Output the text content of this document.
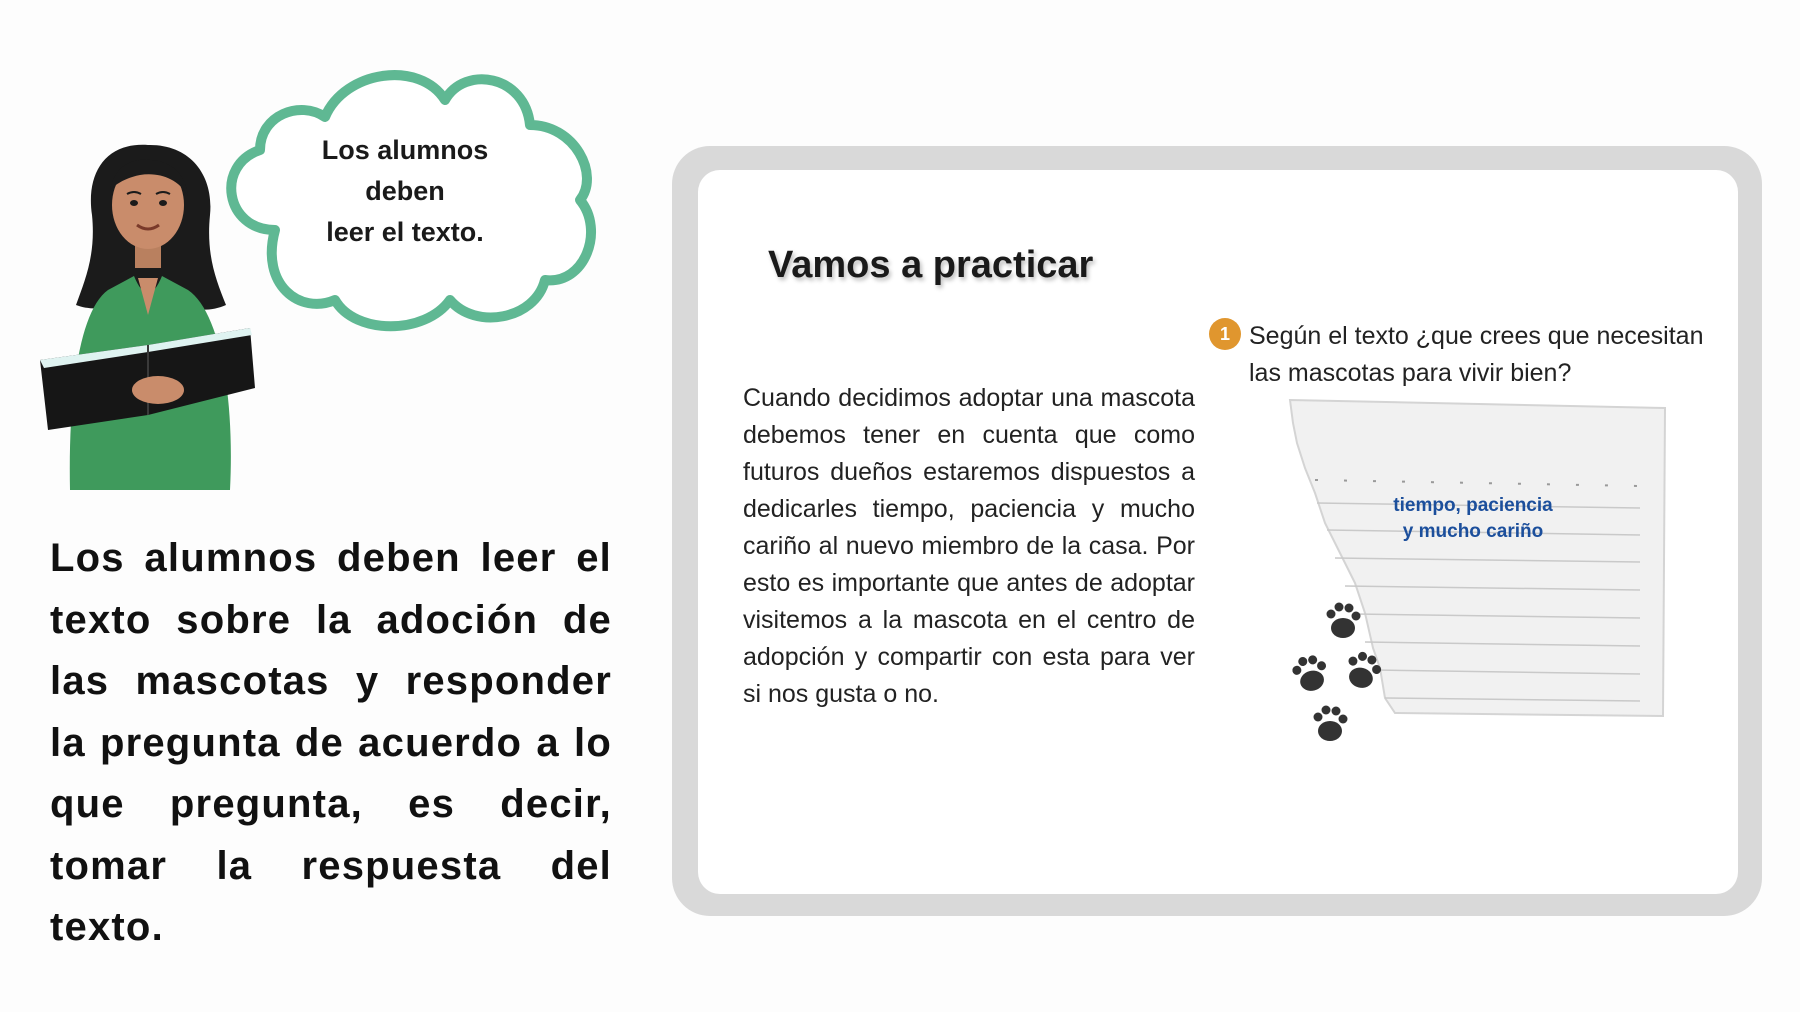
Los alumnos
deben
leer el texto.

Los alumnos deben leer el texto sobre la adoción de las mascotas y responder la pregunta de acuerdo a lo que pregunta, es decir, tomar la respuesta del texto.

Vamos a practicar

Cuando decidimos adoptar una mascota debemos tener en cuenta que como futuros dueños estaremos dispuestos a dedicarles tiempo, paciencia y mucho cariño al nuevo miembro de la casa. Por esto es importante que antes de adoptar visitemos a la mascota en el centro de adopción y compartir con esta para ver si nos gusta o no.

1 Según el texto ¿que crees que necesitan las mascotas para vivir bien?

tiempo, paciencia
y mucho cariño
